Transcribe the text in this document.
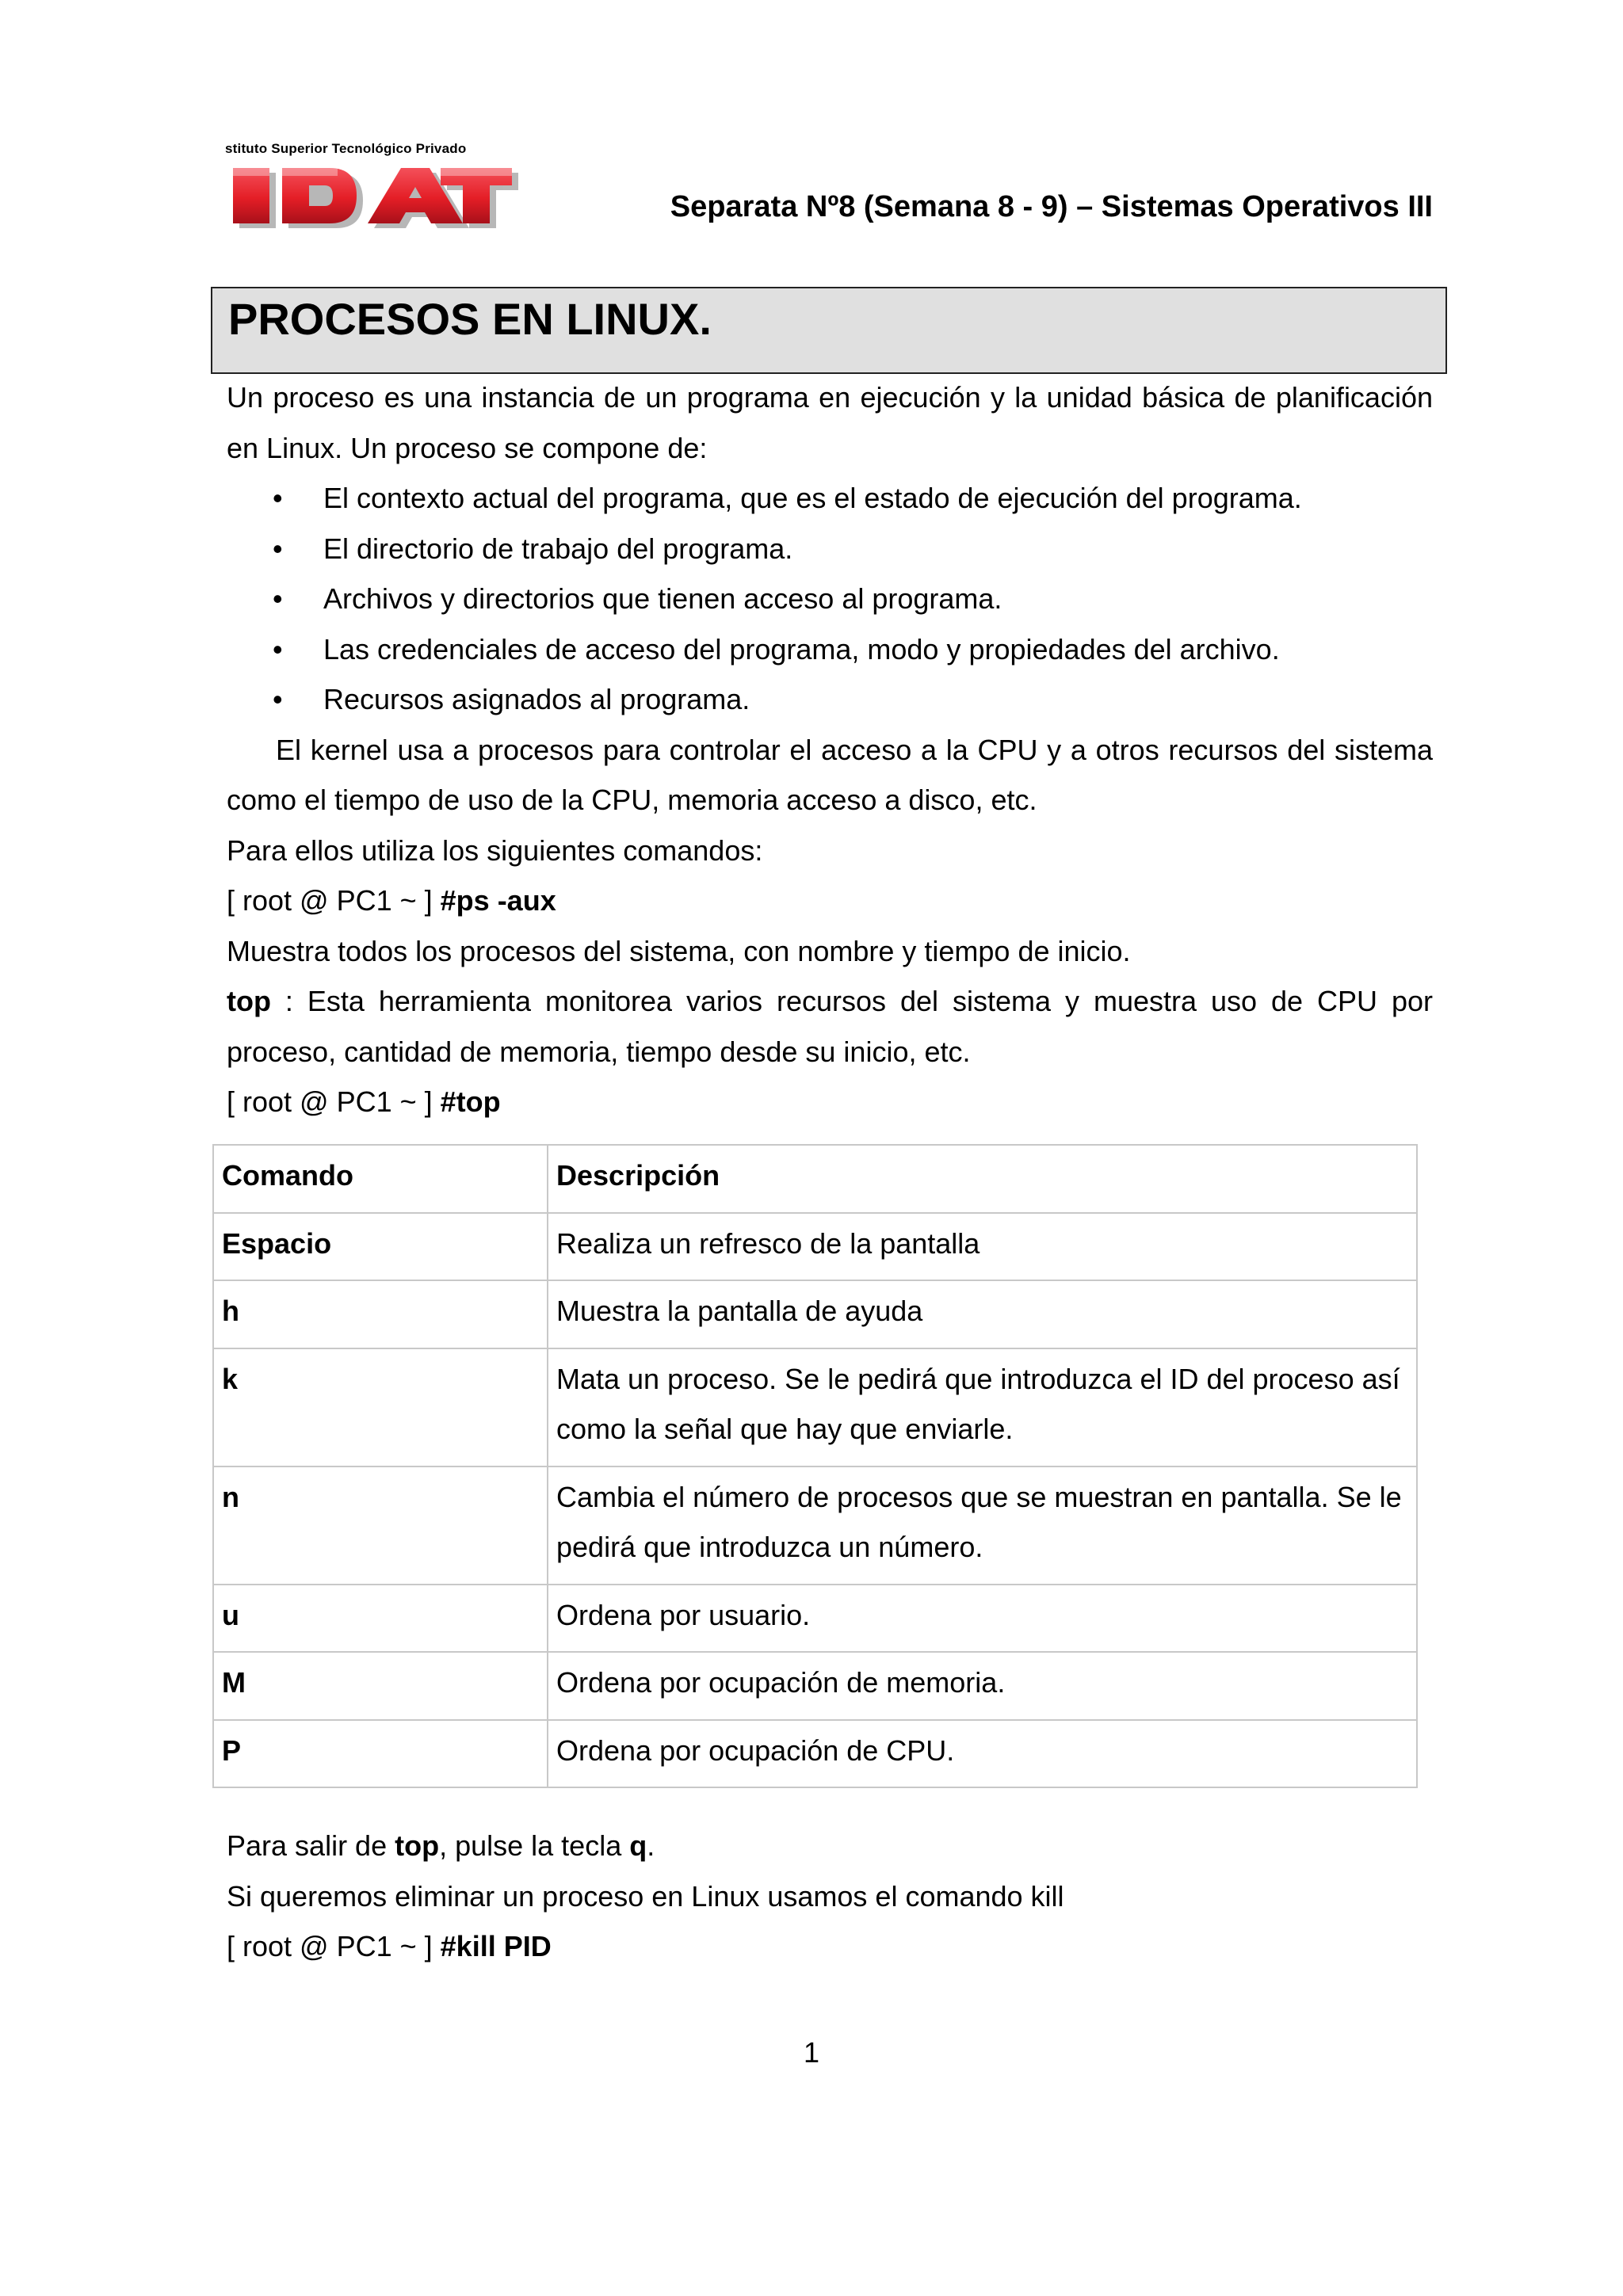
stituto Superior Tecnológico Privado
Separata Nº8 (Semana 8 - 9) – Sistemas Operativos III
PROCESOS EN LINUX.

Un proceso es una instancia de un programa en ejecución y la unidad básica de planificación en Linux. Un proceso se compone de:

• El contexto actual del programa, que es el estado de ejecución del programa.
• El directorio de trabajo del programa.
• Archivos y directorios que tienen acceso al programa.
• Las credenciales de acceso del programa, modo y propiedades del archivo.
• Recursos asignados al programa.

El kernel usa a procesos para controlar el acceso a la CPU y a otros recursos del sistema como el tiempo de uso de la CPU, memoria acceso a disco, etc.

Para ellos utiliza los siguientes comandos:

[ root @ PC1 ~ ] #ps -aux

Muestra todos los procesos del sistema, con nombre y tiempo de inicio.

top : Esta herramienta monitorea varios recursos del sistema y muestra uso de CPU por proceso, cantidad de memoria, tiempo desde su inicio, etc.

[ root @ PC1 ~ ] #top

Comando	Descripción
Espacio	Realiza un refresco de la pantalla
h	Muestra la pantalla de ayuda
k	Mata un proceso. Se le pedirá que introduzca el ID del proceso así como la señal que hay que enviarle.
n	Cambia el número de procesos que se muestran en pantalla. Se le pedirá que introduzca un número.
u	Ordena por usuario.
M	Ordena por ocupación de memoria.
P	Ordena por ocupación de CPU.

Para salir de top, pulse la tecla q.

Si queremos eliminar un proceso en Linux usamos el comando kill

[ root @ PC1 ~ ] #kill PID

1
